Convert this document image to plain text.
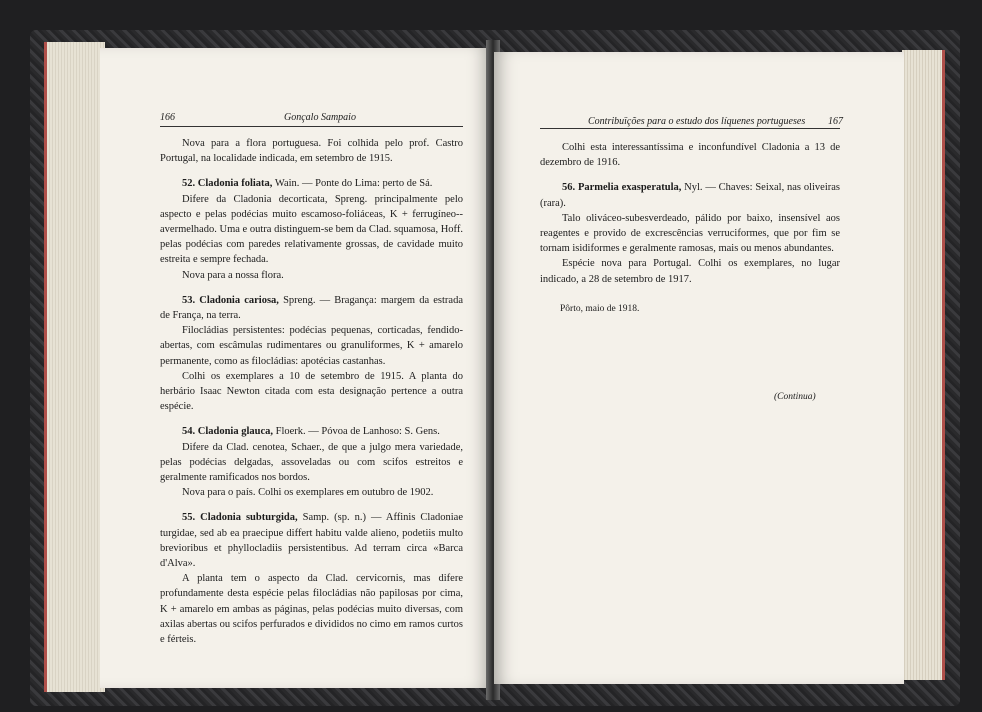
166	Gonçalo Sampaio

Nova para a flora portuguesa. Foi colhida pelo prof. Castro Portugal, na localidade indicada, em setembro de 1915.

52. Cladonia foliata, Wain. — Ponte do Lima: perto de Sá.

Difere da Cladonia decorticata, Spreng. principalmente pelo aspecto e pelas podécias muito escamoso-foliáceas, K + ferrugíneo--avermelhado. Uma e outra distinguem-se bem da Clad. squamosa, Hoff. pelas podécias com paredes relativamente grossas, de cavidade muito estreita e sempre fechada.

Nova para a nossa flora.

53. Cladonia cariosa, Spreng. — Bragança: margem da estrada de França, na terra.

Filocládias persistentes: podécias pequenas, corticadas, fendido-abertas, com escâmulas rudimentares ou granuliformes, K + amarelo permanente, como as filocládias: apotécias castanhas.

Colhi os exemplares a 10 de setembro de 1915. A planta do herbário Isaac Newton citada com esta designação pertence a outra espécie.

54. Cladonia glauca, Floerk. — Póvoa de Lanhoso: S. Gens.

Difere da Clad. cenotea, Schaer., de que a julgo mera variedade, pelas podécias delgadas, assoveladas ou com scifos estreitos e geralmente ramificados nos bordos.

Nova para o país. Colhi os exemplares em outubro de 1902.

55. Cladonia subturgida, Samp. (sp. n.) — Affinis Cladoniae turgidae, sed ab ea praecipue differt habitu valde alieno, podetiis multo brevioribus et phyllocladiis persistentibus. Ad terram circa «Barca d'Alva».

A planta tem o aspecto da Clad. cervicornis, mas difere profundamente desta espécie pelas filocládias não papilosas por cima, K + amarelo em ambas as páginas, pelas podécias muito diversas, com axilas abertas ou scifos perfurados e divididos no cimo em ramos curtos e férteis.

Contribuïções para o estudo dos líquenes portugueses 167

Colhi esta interessantíssima e inconfundível Cladonia a 13 de dezembro de 1916.

56. Parmelia exasperatula, Nyl. — Chaves: Seixal, nas oliveiras (rara).

Talo oliváceo-subesverdeado, pálido por baixo, insensível aos reagentes e provido de excrescências verruciformes, que por fim se tornam isidiformes e geralmente ramosas, mais ou menos abundantes.

Espécie nova para Portugal. Colhi os exemplares, no lugar indicado, a 28 de setembro de 1917.

Pôrto, maio de 1918.
(Continua)
